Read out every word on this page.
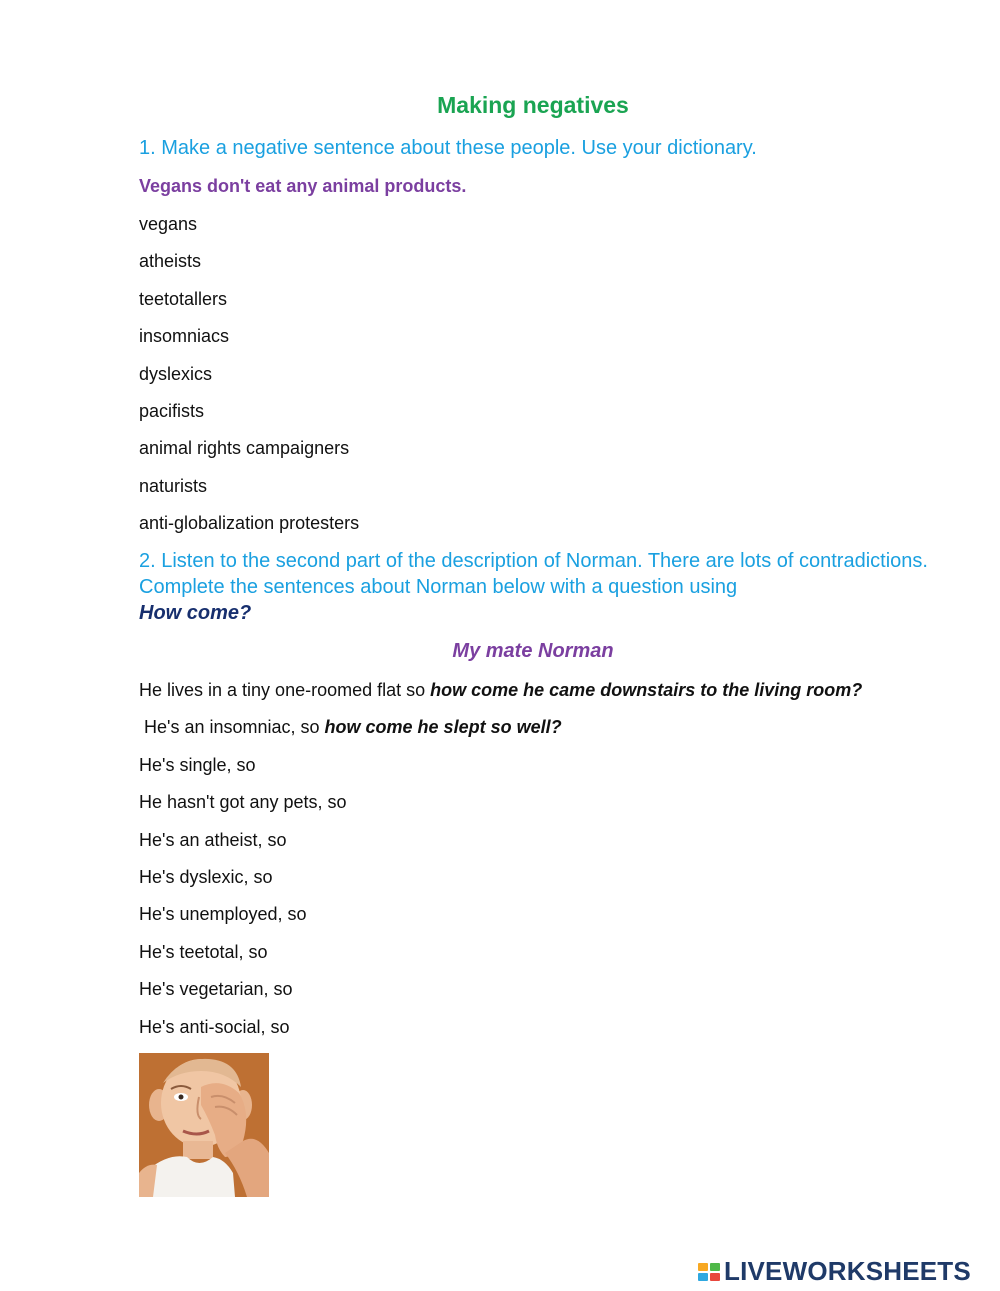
Making negatives

1. Make a negative sentence about these people. Use your dictionary.

Vegans don't eat any animal products.

vegans
atheists
teetotallers
insomniacs
dyslexics
pacifists
animal rights campaigners
naturists
anti-globalization protesters

2. Listen to the second part of the description of Norman. There are lots of contradictions. Complete the sentences about Norman below with a question using
How come?

My mate Norman

He lives in a tiny one-roomed flat so how come he came downstairs to the living room?
He's an insomniac, so how come he slept so well?
He's single, so
He hasn't got any pets, so
He's an atheist, so
He's dyslexic, so
He's unemployed, so
He's teetotal, so
He's vegetarian, so
He's anti-social, so
LIVEWORKSHEETS
